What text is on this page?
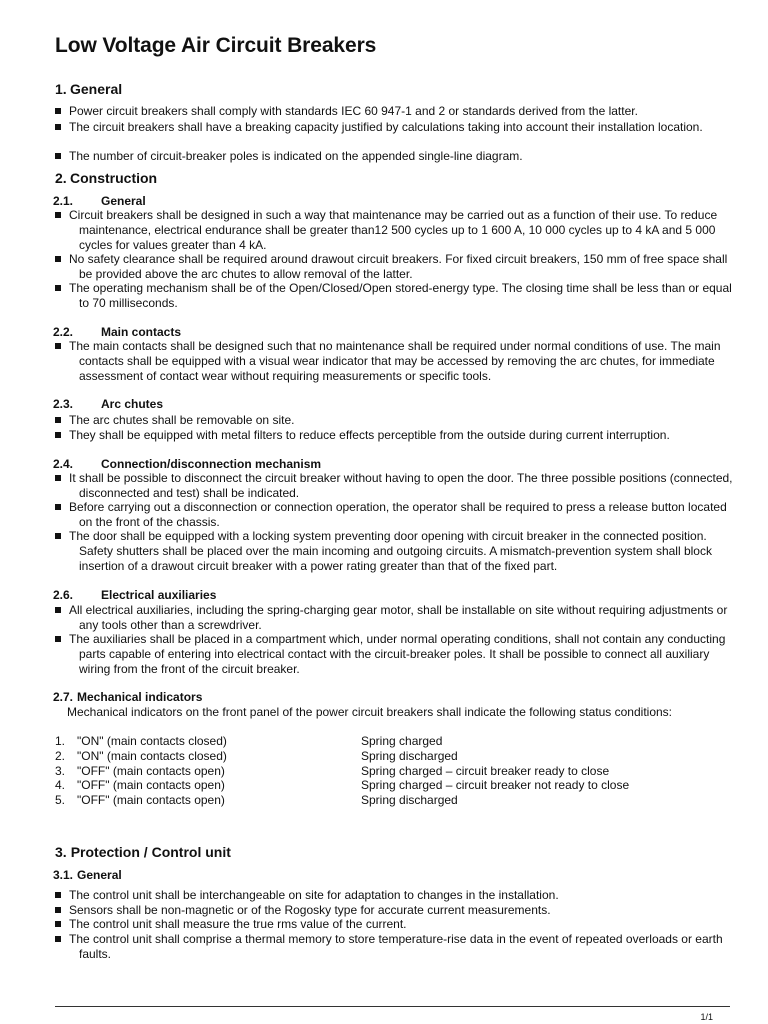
Low Voltage Air Circuit Breakers
1. General
Power circuit breakers shall comply with standards IEC 60 947-1 and 2 or standards derived from the latter.
The circuit breakers shall have a breaking capacity justified by calculations taking into account their installation location.
The number of circuit-breaker poles is indicated on the appended single-line diagram.
2. Construction
2.1. General
Circuit breakers shall be designed in such a way that maintenance may be carried out as a function of their use. To reduce maintenance, electrical endurance shall be greater than12 500 cycles up to 1 600 A, 10 000 cycles up to 4 kA and 5 000 cycles for values greater than 4 kA.
No safety clearance shall be required around drawout circuit breakers. For fixed circuit breakers, 150 mm of free space shall be provided above the arc chutes to allow removal of the latter.
The operating mechanism shall be of the Open/Closed/Open stored-energy type. The closing time shall be less than or equal to 70 milliseconds.
2.2. Main contacts
The main contacts shall be designed such that no maintenance shall be required under normal conditions of use. The main contacts shall be equipped with a visual wear indicator that may be accessed by removing the arc chutes, for immediate assessment of contact wear without requiring measurements or specific tools.
2.3. Arc chutes
The arc chutes shall be removable on site.
They shall be equipped with metal filters to reduce effects perceptible from the outside during current interruption.
2.4. Connection/disconnection mechanism
It shall be possible to disconnect the circuit breaker without having to open the door. The three possible positions (connected, disconnected and test) shall be indicated.
Before carrying out a disconnection or connection operation, the operator shall be required to press a release button located on the front of the chassis.
The door shall be equipped with a locking system preventing door opening with circuit breaker in the connected position. Safety shutters shall be placed over the main incoming and outgoing circuits. A mismatch-prevention system shall block insertion of a drawout circuit breaker with a power rating greater than that of the fixed part.
2.6. Electrical auxiliaries
All electrical auxiliaries, including the spring-charging gear motor, shall be installable on site without requiring adjustments or any tools other than a screwdriver.
The auxiliaries shall be placed in a compartment which, under normal operating conditions, shall not contain any conducting parts capable of entering into electrical contact with the circuit-breaker poles. It shall be possible to connect all auxiliary wiring from the front of the circuit breaker.
2.7. Mechanical indicators
Mechanical indicators on the front panel of the power circuit breakers shall indicate the following status conditions:
1. "ON" (main contacts closed)	Spring charged
2. "ON" (main contacts closed)	Spring discharged
3. "OFF" (main contacts open)	Spring charged – circuit breaker ready to close
4. "OFF" (main contacts open)	Spring charged – circuit breaker not ready to close
5. "OFF" (main contacts open)	Spring discharged
3. Protection / Control unit
3.1. General
The control unit shall be interchangeable on site for adaptation to changes in the installation.
Sensors shall be non-magnetic or of the Rogosky type for accurate current measurements.
The control unit shall measure the true rms value of the current.
The control unit shall comprise a thermal memory to store temperature-rise data in the event of repeated overloads or earth faults.
1/1
